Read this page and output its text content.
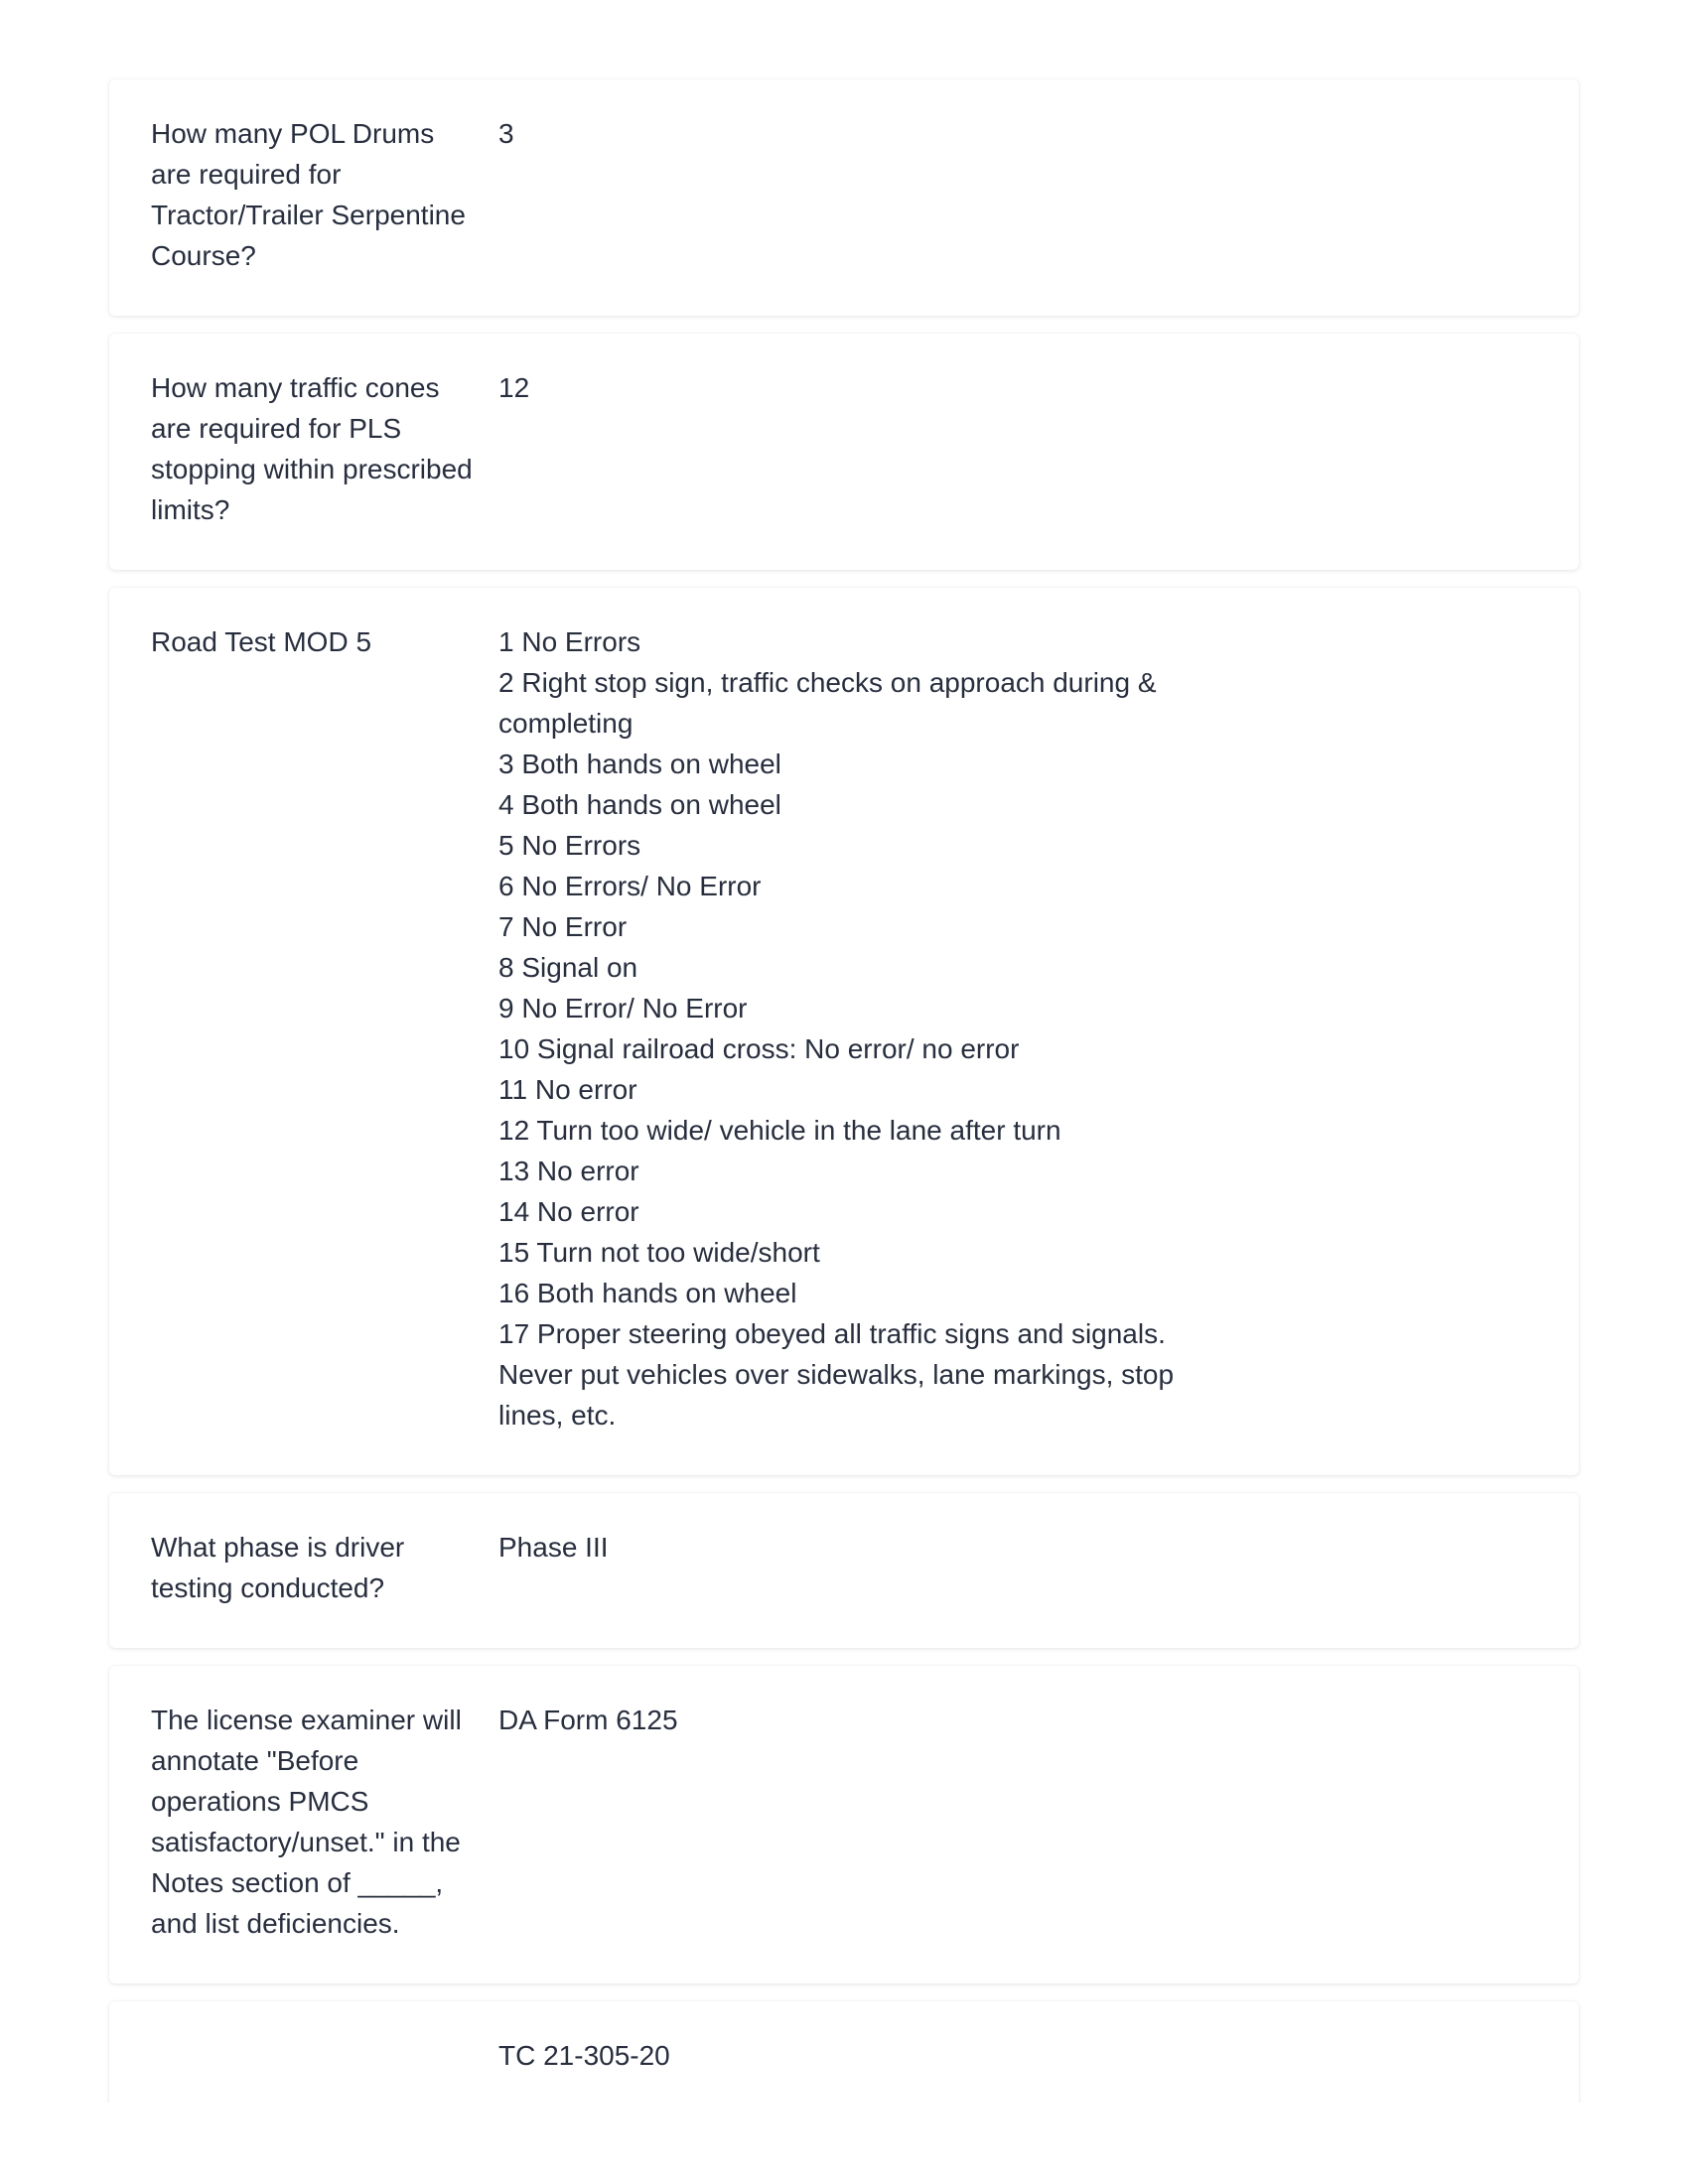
How many POL Drums are required for Tractor/Trailer Serpentine Course?
3
How many traffic cones are required for PLS stopping within prescribed limits?
12
Road Test MOD 5	1 No Errors
2 Right stop sign, traffic checks on approach during & completing
3 Both hands on wheel
4 Both hands on wheel
5 No Errors
6 No Errors/ No Error
7 No Error
8 Signal on
9 No Error/ No Error
10 Signal railroad cross: No error/ no error
11 No error
12 Turn too wide/ vehicle in the lane after turn
13 No error
14 No error
15 Turn not too wide/short
16 Both hands on wheel
17 Proper steering obeyed all traffic signs and signals. Never put vehicles over sidewalks, lane markings, stop lines, etc.
What phase is driver testing conducted?
Phase III
The license examiner will annotate "Before operations PMCS satisfactory/unset." in the Notes section of _____, and list deficiencies.
DA Form 6125
TC 21-305-20
